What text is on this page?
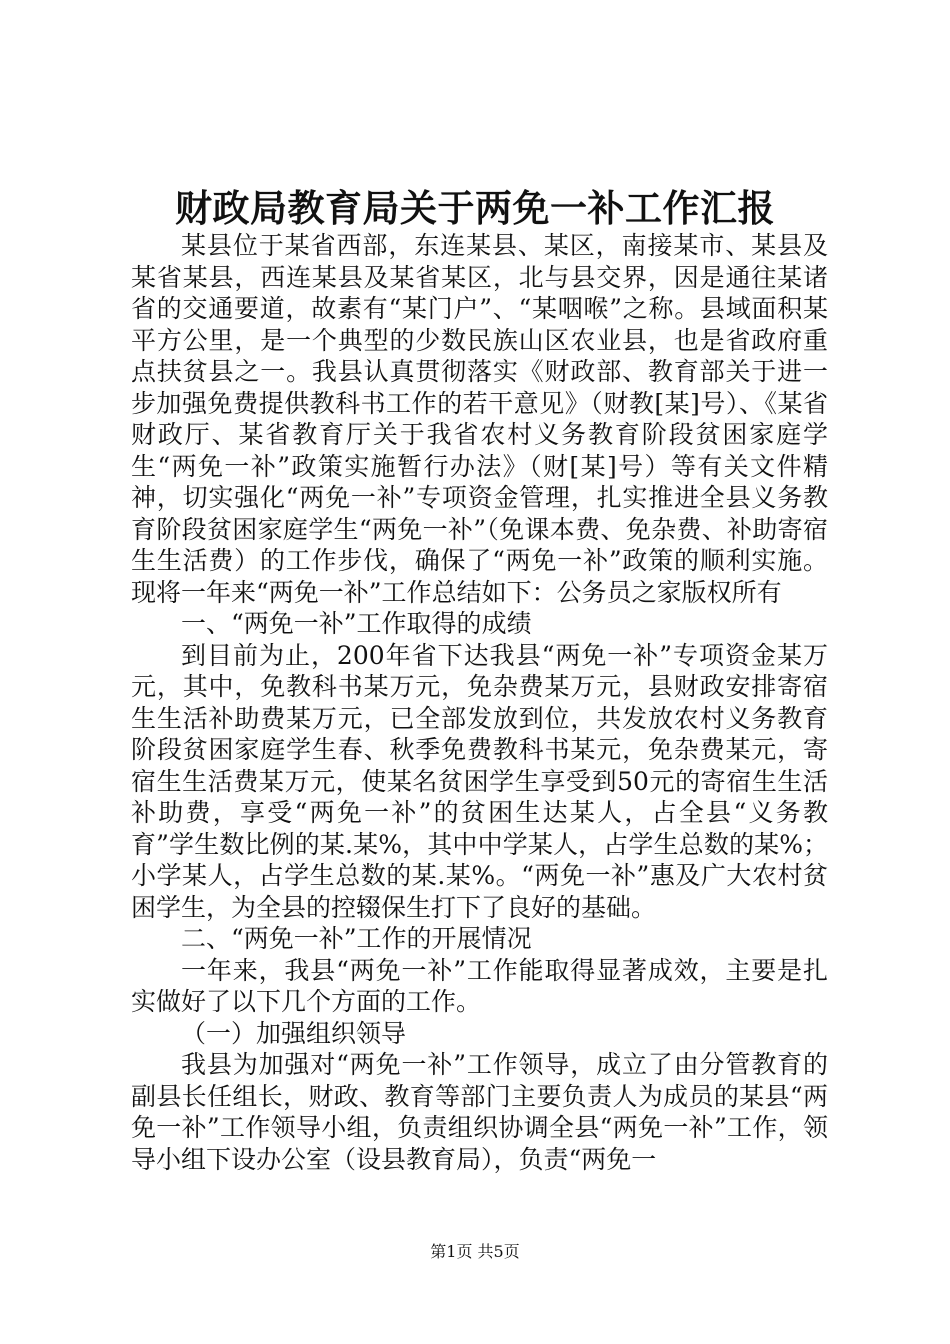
财政局教育局关于两免一补工作汇报

某县位于某省西部，东连某县、某区，南接某市、某县及某省某县，西连某县及某省某区，北与县交界，因是通往某诸省的交通要道，故素有“某门户”、“某咽喉”之称。县域面积某平方公里，是一个典型的少数民族山区农业县，也是省政府重点扶贫县之一。我县认真贯彻落实《财政部、教育部关于进一步加强免费提供教科书工作的若干意见》（财教[某]号）、《某省财政厅、某省教育厅关于我省农村义务教育阶段贫困家庭学生“两免一补”政策实施暂行办法》（财[某]号）等有关文件精神，切实强化“两免一补”专项资金管理，扎实推进全县义务教育阶段贫困家庭学生“两免一补”（免课本费、免杂费、补助寄宿生生活费）的工作步伐，确保了“两免一补”政策的顺利实施。现将一年来“两免一补”工作总结如下：公务员之家版权所有

一、“两免一补”工作取得的成绩

到目前为止，200年省下达我县“两免一补”专项资金某万元，其中，免教科书某万元，免杂费某万元，县财政安排寄宿生生活补助费某万元，已全部发放到位，共发放农村义务教育阶段贫困家庭学生春、秋季免费教科书某元，免杂费某元，寄宿生生活费某万元，使某名贫困学生享受到50元的寄宿生生活补助费，享受“两免一补”的贫困生达某人，占全县“义务教育”学生数比例的某.某%，其中中学某人，占学生总数的某%；小学某人，占学生总数的某.某%。“两免一补”惠及广大农村贫困学生，为全县的控辍保生打下了良好的基础。

二、“两免一补”工作的开展情况

一年来，我县“两免一补”工作能取得显著成效，主要是扎实做好了以下几个方面的工作。

（一）加强组织领导

我县为加强对“两免一补”工作领导，成立了由分管教育的副县长任组长，财政、教育等部门主要负责人为成员的某县“两免一补”工作领导小组，负责组织协调全县“两免一补”工作，领导小组下设办公室（设县教育局），负责“两免一

第1页 共5页
